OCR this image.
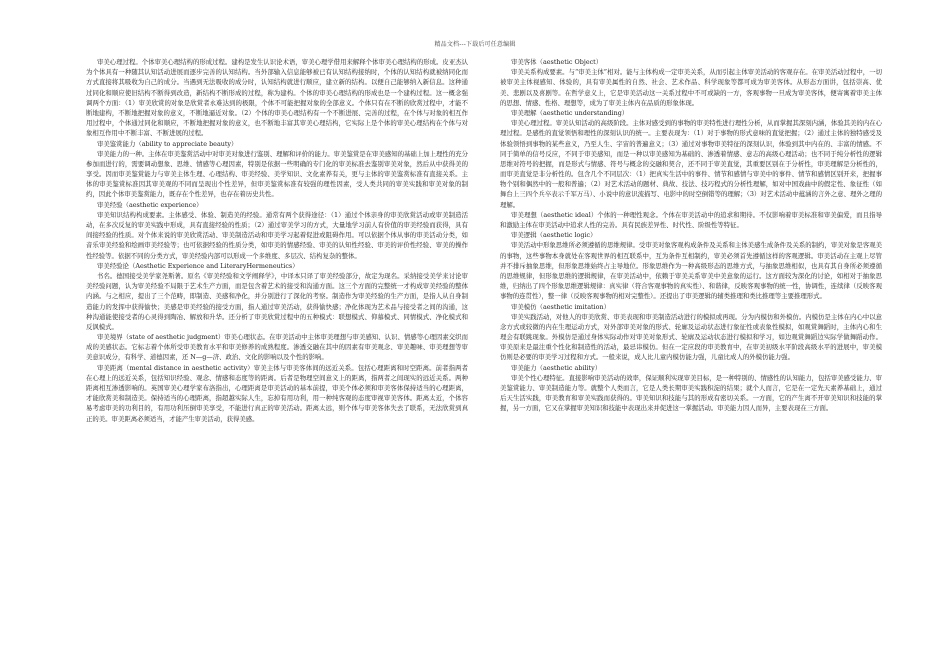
精品文档---下载后可任意编辑

审美心理过程。个体审美心理结构的形成过程。建构是发生认识论术语，审美心理学借用来解释个体审美心理结构的形成。皮亚杰认为个体具有一种随其认知活动进展而逐步完善的认知结构。当外部输入信息能够被已有认知结构接纳时，个体的认知结构就被纳同化而方式直接将其吸收为自己的成分。当遇到无法吸收的成分时，认知结构就进行顺应，建立新的结构。以便自己能够纳入新信息。这种通过同化和顺应使旧结构不断得到改造，新结构不断形成的过程，称为建构。个体的审美心理结构的形成也是一个建构过程。这一概念强调两个方面：（1）审美欣赏的对象是欣赏者永难达到的极限，个体不可能把握对象的全部意义。个体只有在不断的欣赏过程中，才能不断地建构，不断地把握对象的意义，不断地逼近对象。（2）个体的审美心理结构有一个不断进展、完善的过程，在个体与对象的相互作用过程中，个体通过同化和顺应，不断地把握对象的意义，也不断地丰富其审美心理结构，它实际上是个体的审美心理结构在个体与对象相互作用中不断丰富、不断进展的过程。

审美鉴赏能力（ability to appreciate beauty）

审美能力的一种。主体在审美鉴赏活动中对审美对象进行鉴别、理解和评价的能力。审美鉴赏是在审美感知的基础上加上理性的充分参加而进行的，需要调动想象、思维、情感等心理因素，特别是依据一些明确的专门化的审美标准去鉴别审美对象，然后从中获得美的享受。因而审美鉴赏能力与审美主体生理、心理结构、审美经验、美学知识、文化素养有关，更与主体的审美鉴赏标准有直接关系。主体的审美鉴赏标准因其审美观的不同而呈现出个性差异，但审美鉴赏标准有较强的理性因素，受人类共同的审美实践和审美对象的制约，因此个体审美鉴赏能力，既存在个性差异，也存在着历史共性。

审美经验（aesthetic experience）

审美知识结构构成要素。主体感受、体验、制造美的经验。通常有两个获得途径：（1）通过个体亲身的审美欣赏活动或审美制造活动，在多次反复的审美实践中形成，具有直接经验的性质；（2）通过审美学习的方式，大量地学习前人有价值的审美经验而获得，具有间接经验的性质。对个体来说的审美欣赏活动、审美制造活动和审美学习起着促进或阻碍作用。可以依据个体从事的审美活动分类，如音乐审美经验和绘画审美经验等；也可依据经验的性质分类，如审美的情感经验、审美的认知性经验、审美的评价性经验、审美的操作性经验等。依据不同的分类方式，审美经验内部可以形成一个多维度、多层次、结构复杂的整体。

审美经验论（Aesthetic Experience and LiteraryHermeneutics）

书名。德国接受美学家尧斯著。原名《审美经验和文学阐释学》，中译本只译了审美经验部分，故定为现名。采纳接受美学来讨论审美经验问题，认为审美经验不局限于艺术生产方面，而是包含着艺术的接受和沟通方面。这三个方面的完整统一才构成审美经验的整体内涵。与之相应，提出了三个范畴，即制造、美感和净化，并分别进行了深化的考察。制造作为审美经验的生产方面，是指人从自身制造能力的发挥中获得愉快；美感是审美经验的接受方面，指人通过审美活动，获得愉快感；净化体现为艺术品与接受者之间的沟通，这种沟通能使接受者的心灵得到陶冶、解放和升华。还分析了审美欣赏过程中的五种模式：联想模式、仰慕模式、同情模式、净化模式和反讽模式。

审美境界（state of aesthetic judgment）审美心理状态。在审美活动中主体审美理想与审美感知、认识、情感等心理因素交织而成的美感状态。它标志着个体所受审美教育水平和审美修养的成熟程度。渗透交融在其中的因素有审美观念、审美趣味、审美理想等审美意识成分，有科学、道德因素，还 N—g—济、政治、文化的影响以及个性的影响。

审美距离（mental distance in aesthetic activity）审美主体与审美客体间的远近关系。包括心理距离和时空距离。前者指两者在心理上的远近关系，包括知识经验、观念、情感和态度等的距离。后者是物理空间意义上的距离，指两者之间现实的远近关系。两种距离相互渗透影响的。英国审美心理学家布洛指出，心理距离是审美活动的基本前提，审美个体必须和审美客体保持适当的心理距离，才能欣赏美和制造美。保持适当的心理距离，指超越实际人生，忘掉有用功利，用一种纯客观的态度审视审美客体。距离太近，个体容易考虑审美的功利目的，有用功利压倒审美享受，不能进行真正的审美活动。距离太远，则个体与审美客体失去了联系，无法欣赏到真正的美。审美距离必须适当，才能产生审美活动，获得美感。

审美客体（aesthetic Object）

审美关系构成要素。与“审美主体”相对。能与主体构成一定审美关系，从而引起主体审美活动的客观存在。在审美活动过程中，一切被审美主体视感知、体验的，具有审美属性的自然、社会、艺术作品、科学现象等都可成为审美客体。从形态方面讲，包括崇高、优美、悲剧以及喜剧等。在哲学意义上，它是审美活动这一关系过程中不可或缺的一方，客观事物一旦成为审美客体，便寄寓着审美主体的思想、情感、性格、理想等，成为了审美主体内在品质的形象体现。

审美理解（aesthetic understanding）

审美心理过程。审美认知活动的高级阶段。主体对感受到的事物的审美特性进行理性分析，从而掌握其深刻内涵，体验其美的内在心理过程。是感性的直觉领悟和理性的深刻认识的统一。主要表现为：（1）对于事物的形式意味的直觉把握；（2）通过主体的独特感受及体验领悟到事物的某些意义，乃至人生、宇宙的普遍意义；（3）通过对事物审美特征的深刻认识，体验到其中内在的、丰富的情感。不同于简单的信号反应，不同于审美感知，而是一种以审美感知为基础的、渗透着情感、意志的高级心理活动；也不同于纯分析性的逻辑思维对符号的把握，而是形式与情感、符号与概念的交融和契合，还不同于审美直觉，其重要区别在于分析性，审美理解是分析性的，而审美直觉是非分析性的。包含几个不同层次：（1）把真实生活中的事件、情节和感情与审美中的事件、情节和感情区别开来，把握事物个别和偶然中的一般和普遍；（2）对艺术活动的题材、典故、技法、技巧程式的分析性理解，如对中国戏曲中的假定性、象征性（如舞台上三四个兵卒表示千军万马）、小说中的意识流描写、电影中的时空倒错等的理解；（3）对艺术活动中蕴涵的言外之意、理外之理的理解。

审美理想（aesthetic ideal）个体的一种理性观念。个体在审美活动中的追求和期待。不仅影响着审美标准和审美偏爱，而且指导和激励主体在审美活动中追求人性的完善。具有民族差异性、时代性、阶级性等特征。

审美逻辑（aesthetic logic）

审美活动中形象思维所必须遵循的思维规律。受审美对象客观构成条件及关系和主体美感生成条件及关系的制约，审美对象是客观美的事物，这些事物本身就处在客观世界的相互联系中，互为条件互相制约，审美必须首先遵循这样的客观逻辑。审美活动在主观上尽管并不排斥抽象思维，但形象思维始终占主导地位。形象思维作为一种高级形态的思维方式，与抽象思维相似，也具有其自身所必须遵循的思维规律，但形象思维的逻辑规律，在审美活动中，依赖于审美关系审美中美意象的运行。这方面较为深化的讨论，如相对于抽象思维，归纳出了四个形象思维逻辑规律：真实律（符合客观事物的真实性）、和谐律，反映客观事物的统一性，协调性，连续律（反映客观事物的连贯性），整一律（反映客观事物的相对完整性）。还提出了审美逻辑的辅类推理和类比推理等主要推理形式。

审美模仿（aesthetic imitation）

审美实践活动，对他人的审美欣赏、审美表现和审美制造活动进行的模拟或再现。分为内模仿和外模仿。内模仿是主体在内心中以意念方式或较微的内在生理运动方式，对外部审美对象的形式、轮廓及运动状态进行象征性或表象性模拟，如观赏舞蹈时，主体内心和生理会有联跳现象。外模仿是通过身体实际动作对审美对象形式、轮廓及运动状态进行模拟和学习，如边观赏舞蹈边实际学做舞蹈动作。审美原来是最注重个性化和制造性的活动，最忌讳模仿。但在一定应段的审美教育中，在审美初级水平阶段高级水平的进展中，审美模仿则是必要的审美学习过程和方式。一般来说，成人比儿童内模仿能力强，儿童比成人的外模仿能力强。

审美能力（aesthetic ability）

审美个性心理特征。直接影响审美活动的效率，保证顺利实现审美目标，是一种特别的、情感性的认知能力，包括审美感受能力、审美鉴赏能力、审美制造能力等。就整个人类而言，它是人类长期审美实践积淀的结果；就个人而言，它是在一定先天素养基础上，通过后天生活实践，审美教育和审美实践而获得的。审美知识和技能与其的形成有密切关系。一方面，它的产生离不开审美知识和技能的掌握，另一方面，它又在掌握审美知识和技能中表现出来并促进这一掌握活动。审美能力因人而异，主要表现在三方面。
